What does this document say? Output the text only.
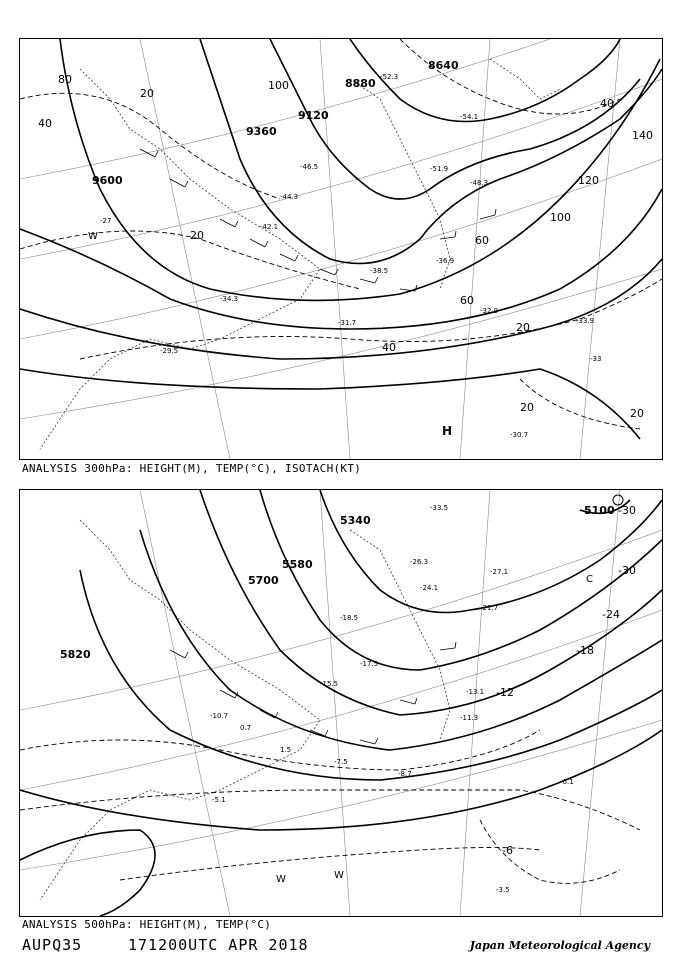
8640
8880
9120
9360
9600
80	100
40
20
60
120
100
140
40
20
60
40
20
20	20
H
W
-54.1
-52.3
-51.9
-48.3
-46.5
-44.3
-42.1
-38.5
-36.9
-34.3
-31.7
-29.5
-33.9
-30.7
-32.9
-27
-33
ANALYSIS 300hPa: HEIGHT(M), TEMP(°C), ISOTACH(KT)
5100
5340
5580
5700
5820
-30
-30
-24
-18
-12
-6
C
W	W
-33.5
-27.1
-26.3
-24.1
-21.7
-18.5
-17.5
-15.5
-13.1
-11.3
-10.7
-8.7
-7.5
-6.1
-5.1
-3.5
1.5
0.7
ANALYSIS 500hPa: HEIGHT(M), TEMP(°C)
AUPQ35	171200UTC APR 2018	Japan Meteorological Agency
